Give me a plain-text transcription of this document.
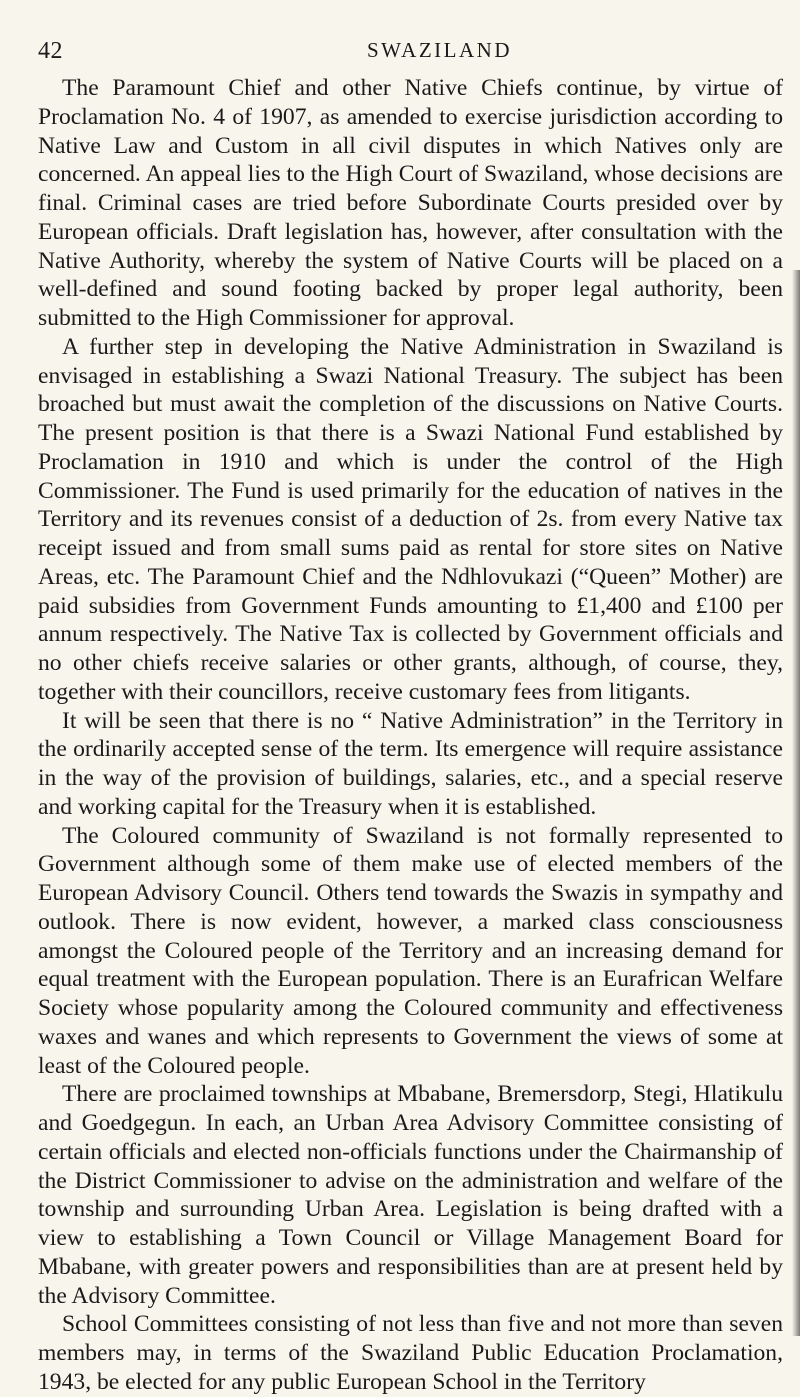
42	SWAZILAND

The Paramount Chief and other Native Chiefs continue, by virtue of Proclamation No. 4 of 1907, as amended to exercise jurisdiction according to Native Law and Custom in all civil disputes in which Natives only are concerned. An appeal lies to the High Court of Swaziland, whose decisions are final. Criminal cases are tried before Subordinate Courts presided over by European officials. Draft legislation has, however, after consultation with the Native Authority, whereby the system of Native Courts will be placed on a well-defined and sound footing backed by proper legal authority, been submitted to the High Commissioner for approval.

A further step in developing the Native Administration in Swaziland is envisaged in establishing a Swazi National Treasury. The subject has been broached but must await the completion of the discussions on Native Courts. The present position is that there is a Swazi National Fund established by Proclamation in 1910 and which is under the control of the High Commissioner. The Fund is used primarily for the education of natives in the Territory and its revenues consist of a deduction of 2s. from every Native tax receipt issued and from small sums paid as rental for store sites on Native Areas, etc. The Paramount Chief and the Ndhlovukazi (“Queen” Mother) are paid subsidies from Government Funds amounting to £1,400 and £100 per annum respectively. The Native Tax is collected by Government officials and no other chiefs receive salaries or other grants, although, of course, they, together with their councillors, receive customary fees from litigants.

It will be seen that there is no “ Native Administration” in the Territory in the ordinarily accepted sense of the term. Its emergence will require assistance in the way of the provision of buildings, salaries, etc., and a special reserve and working capital for the Treasury when it is established.

The Coloured community of Swaziland is not formally represented to Government although some of them make use of elected members of the European Advisory Council. Others tend towards the Swazis in sympathy and outlook. There is now evident, however, a marked class consciousness amongst the Coloured people of the Territory and an increasing demand for equal treatment with the European population. There is an Eurafrican Welfare Society whose popularity among the Coloured community and effectiveness waxes and wanes and which represents to Government the views of some at least of the Coloured people.

There are proclaimed townships at Mbabane, Bremersdorp, Stegi, Hlatikulu and Goedgegun. In each, an Urban Area Advisory Committee consisting of certain officials and elected non-officials functions under the Chairmanship of the District Commissioner to advise on the administration and welfare of the township and surrounding Urban Area. Legislation is being drafted with a view to establishing a Town Council or Village Management Board for Mbabane, with greater powers and responsibilities than are at present held by the Advisory Committee.

School Committees consisting of not less than five and not more than seven members may, in terms of the Swaziland Public Education Proclamation, 1943, be elected for any public European School in the Territory
